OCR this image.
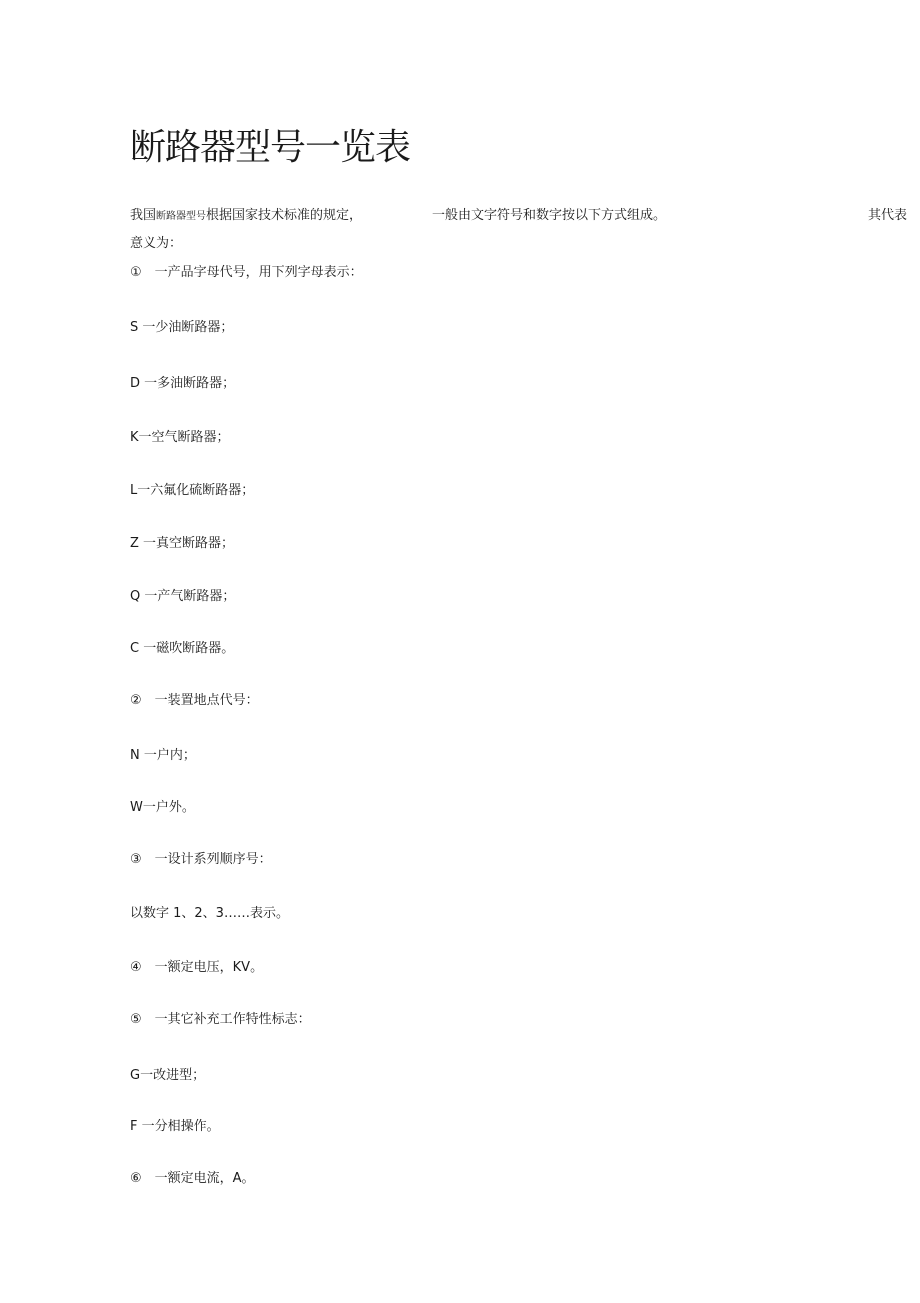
断路器型号一览表
我国断路器型号根据国家技术标准的规定，	一般由文字符号和数字按以下方式组成。	其代表
意义为：
①　一产品字母代号，用下列字母表示：
S 一少油断路器；
D 一多油断路器；
K一空气断路器；
L一六氟化硫断路器；
Z 一真空断路器；
Q 一产气断路器；
C 一磁吹断路器。
②　一装置地点代号：
N 一户内；
W一户外。
③　一设计系列顺序号：
以数字 1、2、3……表示。
④　一额定电压，KV。
⑤　一其它补充工作特性标志：
G一改进型；
F 一分相操作。
⑥　一额定电流，A。
